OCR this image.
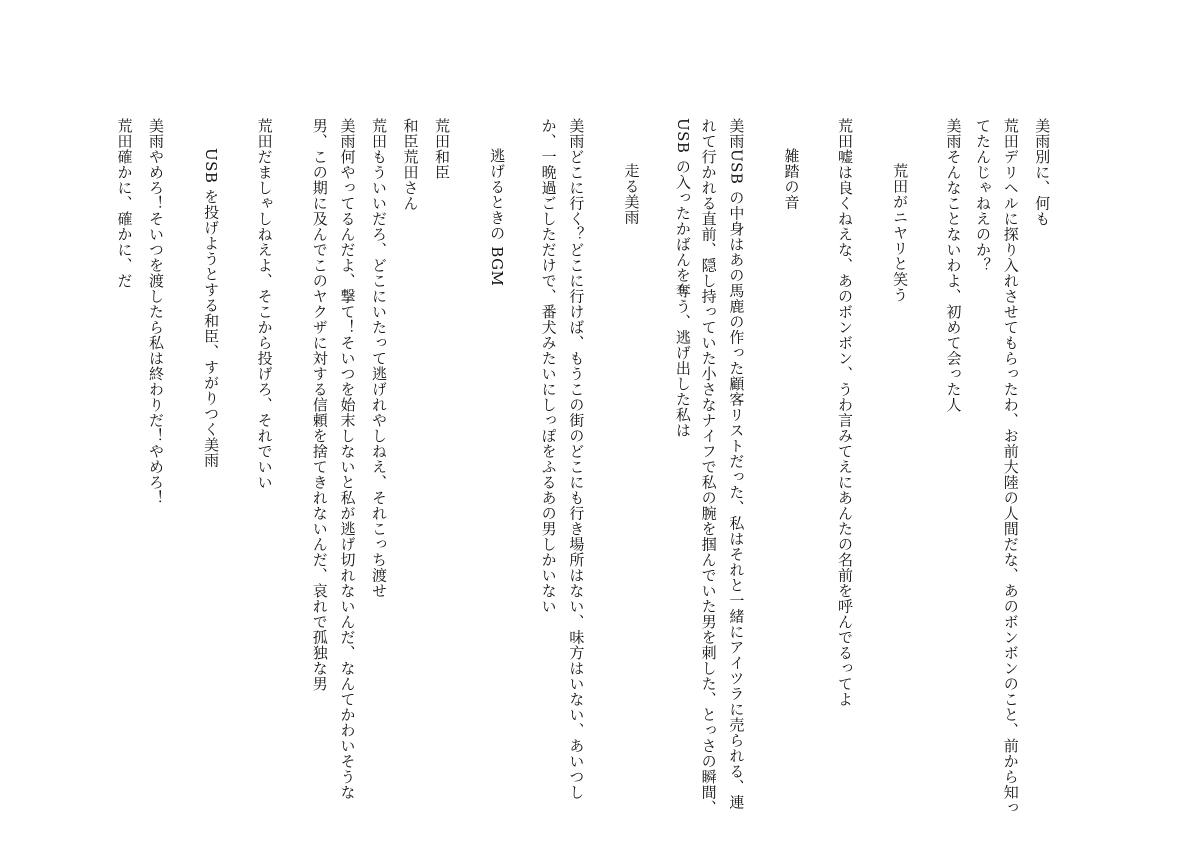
美雨別に、何も
荒田デリヘルに探り入れさせてもらったわ、お前大陸の人間だな、あのボンボンのこと、前から知ってたんじゃねえのか？
美雨そんなことないわよ、初めて会った人
荒田がニヤリと笑う
荒田嘘は良くねえな、あのボンボン、うわ言みてえにあんたの名前を呼んでるってよ
雑踏の音
美雨USB の中身はあの馬鹿の作った顧客リストだった、私はそれと一緒にアイツラに売られる、連れて行かれる直前、隠し持っていた小さなナイフで私の腕を掴んでいた男を刺した、とっさの瞬間、USB の入ったかばんを奪う、逃げ出した私は
走る美雨
美雨どこに行く？どこに行けば、もうこの街のどこにも行き場所はない、味方はいない、あいつしか、一晩過ごしただけで、番犬みたいにしっぽをふるあの男しかいない
逃げるときの BGM
荒田和臣
和臣荒田さん
荒田もういいだろ、どこにいたって逃げれやしねえ、それこっち渡せ
美雨何やってるんだよ、撃て！そいつを始末しないと私が逃げ切れないんだ、なんてかわいそうな男、この期に及んでこのヤクザに対する信頼を捨てきれないんだ、哀れで孤独な男
荒田だましゃしねえよ、そこから投げろ、それでいい
USB を投げようとする和臣、すがりつく美雨
美雨やめろ！そいつを渡したら私は終わりだ！やめろ！
荒田確かに、確かに、だ
